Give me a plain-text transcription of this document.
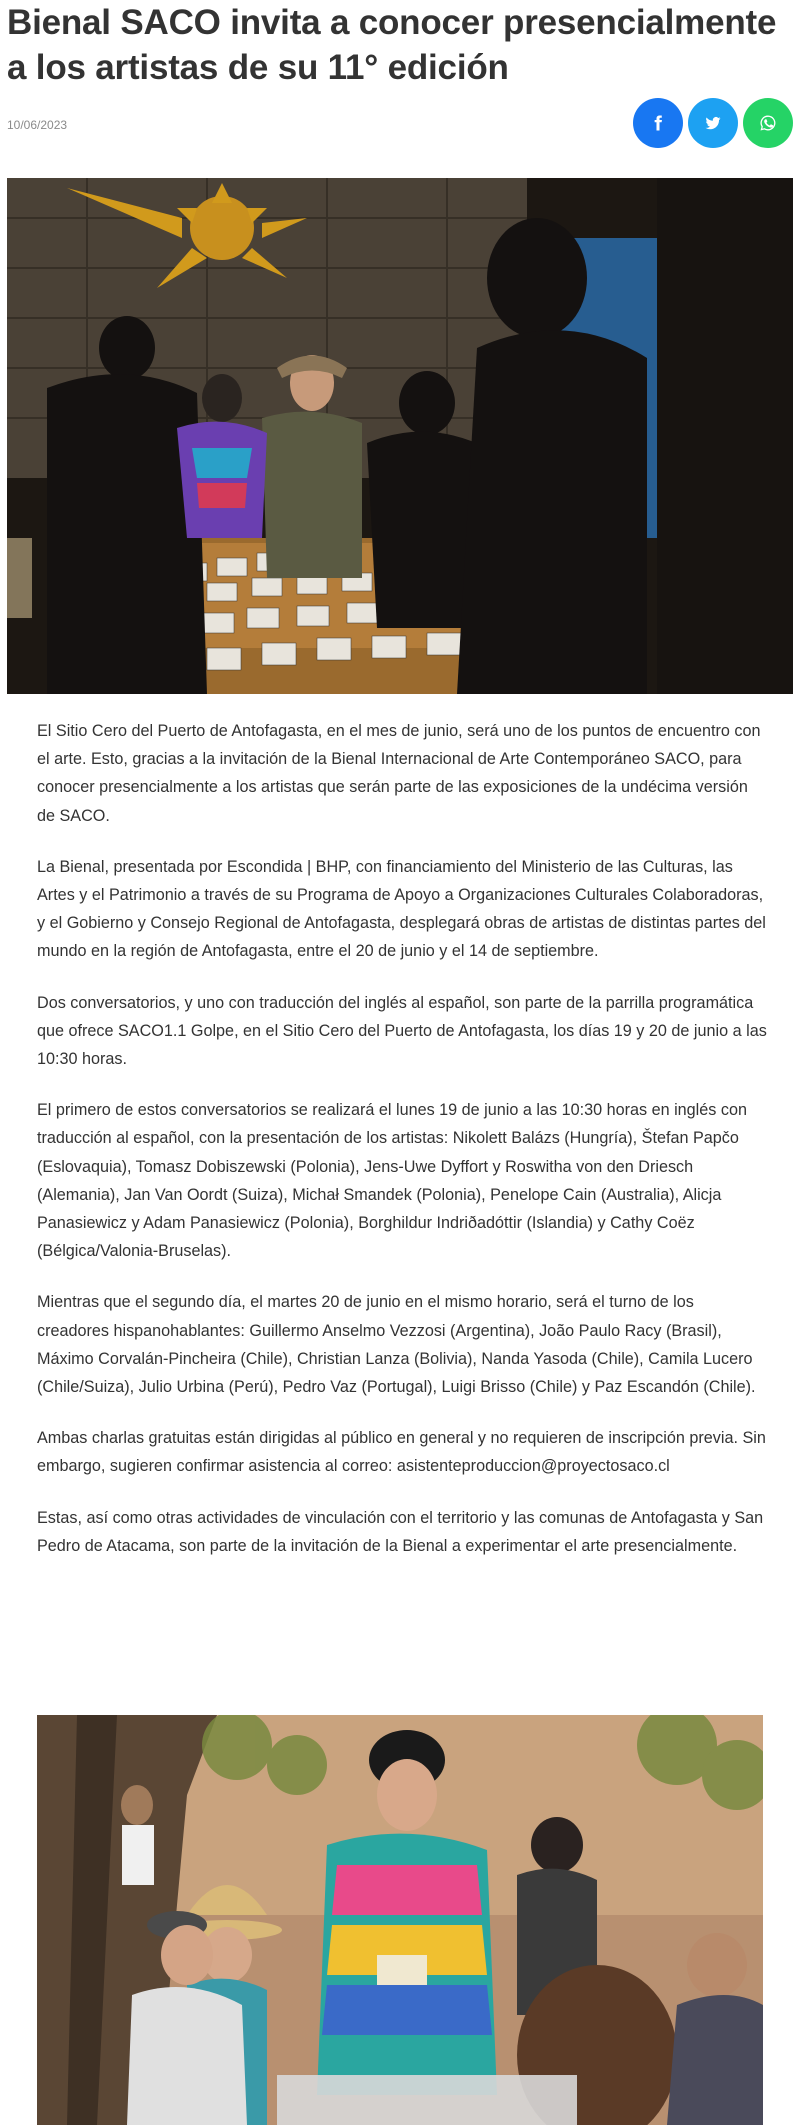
Bienal SACO invita a conocer presencialmente a los artistas de su 11° edición
10/06/2023

El Sitio Cero del Puerto de Antofagasta, en el mes de junio, será uno de los puntos de encuentro con el arte. Esto, gracias a la invitación de la Bienal Internacional de Arte Contemporáneo SACO, para conocer presencialmente a los artistas que serán parte de las exposiciones de la undécima versión de SACO.

La Bienal, presentada por Escondida | BHP, con financiamiento del Ministerio de las Culturas, las Artes y el Patrimonio a través de su Programa de Apoyo a Organizaciones Culturales Colaboradoras, y el Gobierno y Consejo Regional de Antofagasta, desplegará obras de artistas de distintas partes del mundo en la región de Antofagasta, entre el 20 de junio y el 14 de septiembre.

Dos conversatorios, y uno con traducción del inglés al español, son parte de la parrilla programática que ofrece SACO1.1 Golpe, en el Sitio Cero del Puerto de Antofagasta, los días 19 y 20 de junio a las 10:30 horas.

El primero de estos conversatorios se realizará el lunes 19 de junio a las 10:30 horas en inglés con traducción al español, con la presentación de los artistas: Nikolett Balázs (Hungría), Štefan Papčo (Eslovaquia), Tomasz Dobiszewski (Polonia), Jens-Uwe Dyffort y Roswitha von den Driesch (Alemania), Jan Van Oordt (Suiza), Michał Smandek (Polonia), Penelope Cain (Australia), Alicja Panasiewicz y Adam Panasiewicz (Polonia), Borghildur Indriðadóttir (Islandia) y Cathy Coëz (Bélgica/Valonia-Bruselas).

Mientras que el segundo día, el martes 20 de junio en el mismo horario, será el turno de los creadores hispanohablantes: Guillermo Anselmo Vezzosi (Argentina), João Paulo Racy (Brasil), Máximo Corvalán-Pincheira (Chile), Christian Lanza (Bolivia), Nanda Yasoda (Chile), Camila Lucero (Chile/Suiza), Julio Urbina (Perú), Pedro Vaz (Portugal), Luigi Brisso (Chile) y Paz Escandón (Chile).

Ambas charlas gratuitas están dirigidas al público en general y no requieren de inscripción previa. Sin embargo, sugieren confirmar asistencia al correo: asistenteproduccion@proyectosaco.cl

Estas, así como otras actividades de vinculación con el territorio y las comunas de Antofagasta y San Pedro de Atacama, son parte de la invitación de la Bienal a experimentar el arte presencialmente.
